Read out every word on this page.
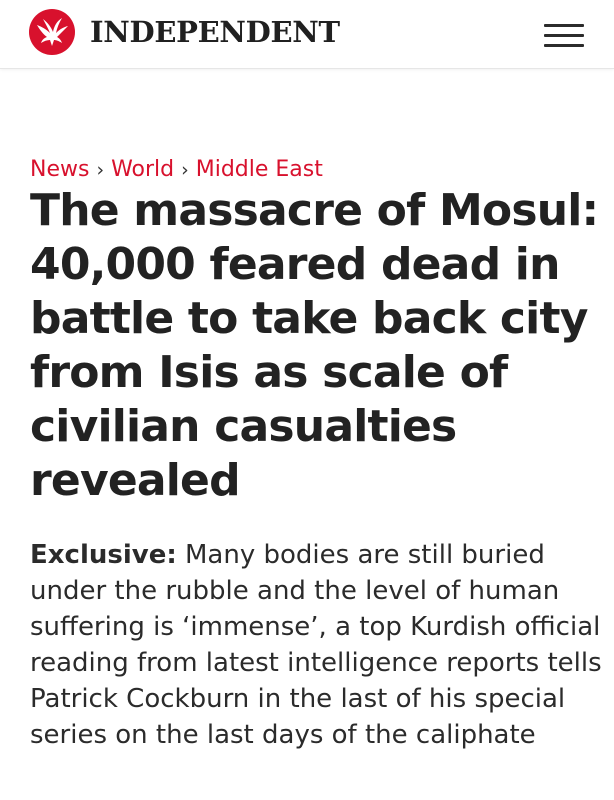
INDEPENDENT
News › World › Middle East
The massacre of Mosul: 40,000 feared dead in battle to take back city from Isis as scale of civilian casualties revealed

Exclusive: Many bodies are still buried under the rubble and the level of human suffering is ‘immense’, a top Kurdish official reading from latest intelligence reports tells Patrick Cockburn in the last of his special series on the last days of the caliphate
